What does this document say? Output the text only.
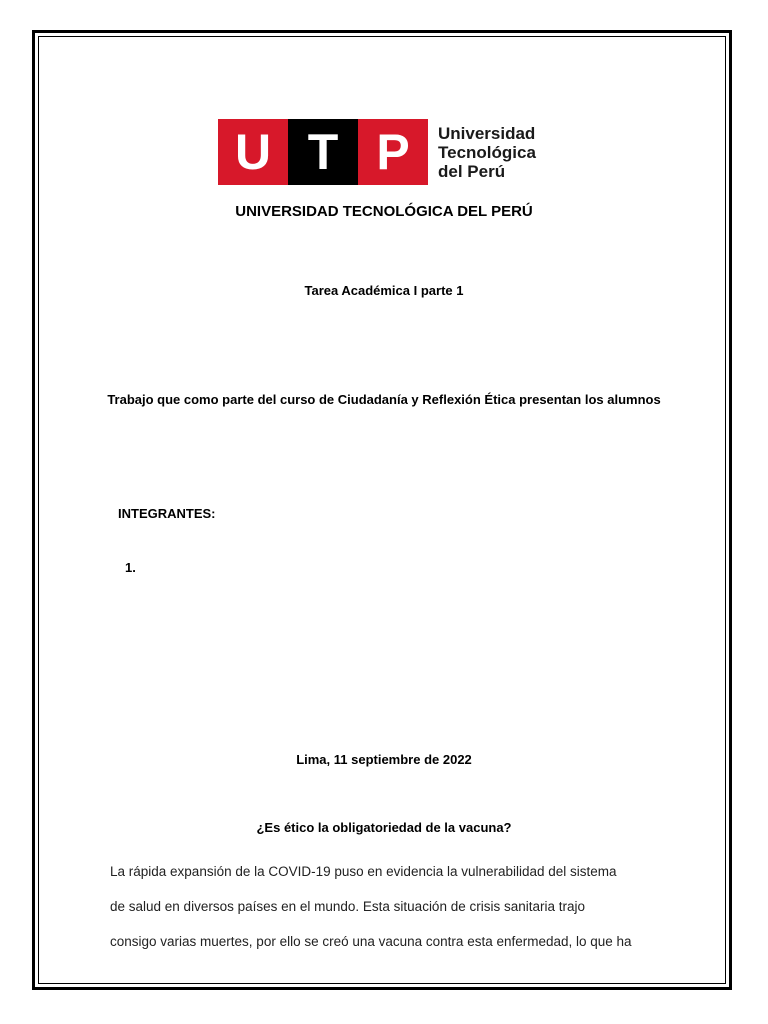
U T P	Universidad
Tecnológica
del Perú
UNIVERSIDAD TECNOLÓGICA DEL PERÚ
Tarea Académica I parte 1
Trabajo que como parte del curso de Ciudadanía y Reflexión Ética presentan los alumnos
INTEGRANTES:
1.
Lima, 11 septiembre de 2022
¿Es ético la obligatoriedad de la vacuna?
La rápida expansión de la COVID-19 puso en evidencia la vulnerabilidad del sistema
de salud en diversos países en el mundo. Esta situación de crisis sanitaria trajo
consigo varias muertes, por ello se creó una vacuna contra esta enfermedad, lo que ha
